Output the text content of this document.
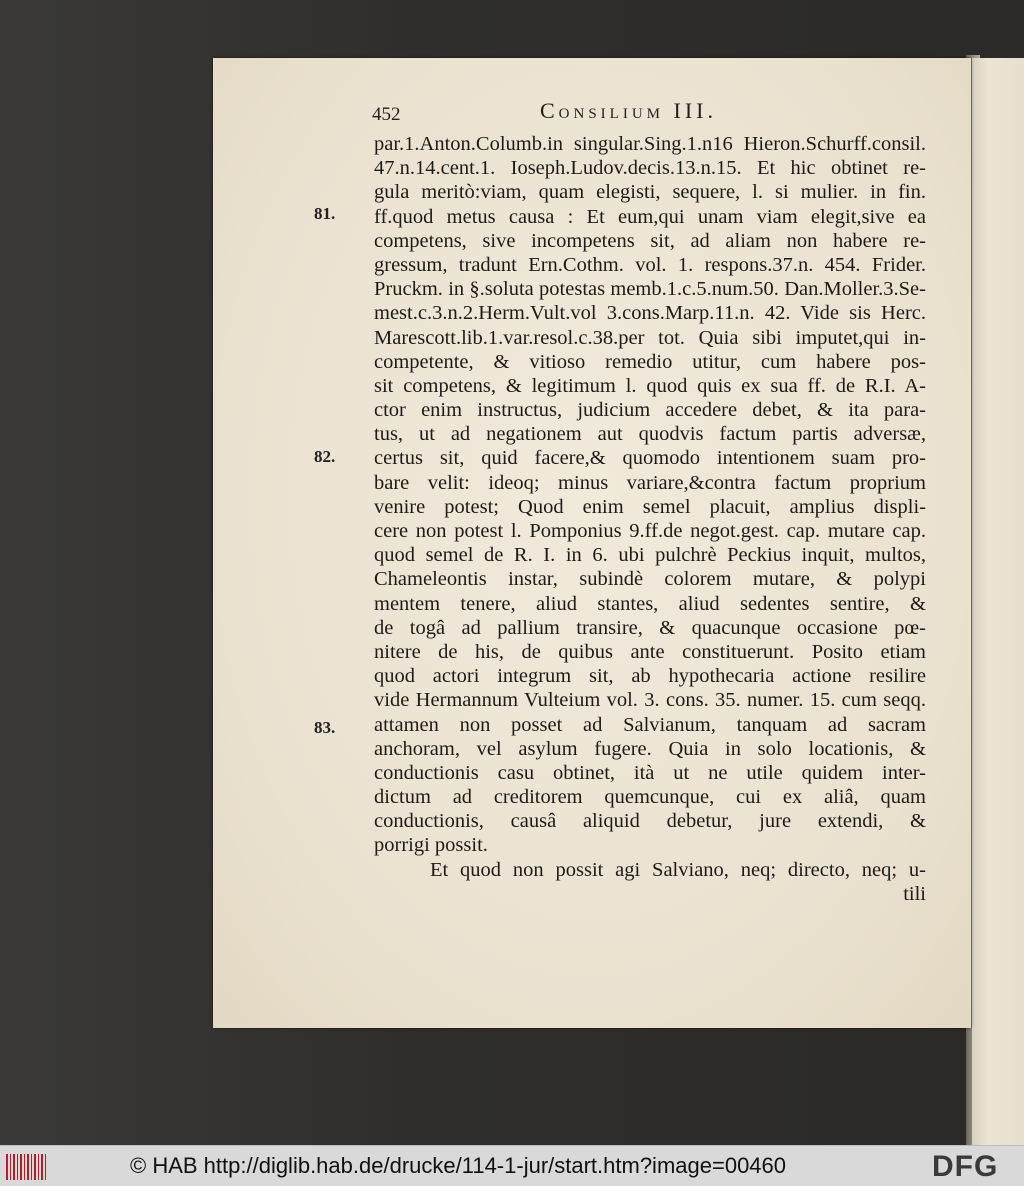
452	Consilium III.
81.
82.
83.
par.1.Anton.Columb.in singular.Sing.1.n16 Hieron.Schurff.consil.
47.n.14.cent.1. Ioseph.Ludov.decis.13.n.15. Et hic obtinet re-
gula meritò:viam, quam elegisti, sequere, l. si mulier. in fin.
ff.quod metus causa : Et eum,qui unam viam elegit,sive ea
competens, sive incompetens sit, ad aliam non habere re-
gressum, tradunt Ern.Cothm. vol. 1. respons.37.n. 454. Frider.
Pruckm. in §.soluta potestas memb.1.c.5.num.50. Dan.Moller.3.Se-
mest.c.3.n.2.Herm.Vult.vol 3.cons.Marp.11.n. 42. Vide sis Herc.
Marescott.lib.1.var.resol.c.38.per tot. Quia sibi imputet,qui in-
competente, & vitioso remedio utitur, cum habere pos-
sit competens, & legitimum l. quod quis ex sua ff. de R.I. A-
ctor enim instructus, judicium accedere debet, & ita para-
tus, ut ad negationem aut quodvis factum partis adversæ,
certus sit, quid facere,& quomodo intentionem suam pro-
bare velit: ideoq; minus variare,&contra factum proprium
venire potest; Quod enim semel placuit, amplius displi-
cere non potest l. Pomponius 9.ff.de negot.gest. cap. mutare cap.
quod semel de R. I. in 6. ubi pulchrè Peckius inquit, multos,
Chameleontis instar, subindè colorem mutare, & polypi
mentem tenere, aliud stantes, aliud sedentes sentire, &
de togâ ad pallium transire, & quacunque occasione pœ-
nitere de his, de quibus ante constituerunt. Posito etiam
quod actori integrum sit, ab hypothecaria actione resilire
vide Hermannum Vulteium vol. 3. cons. 35. numer. 15. cum seqq.
attamen non posset ad Salvianum, tanquam ad sacram
anchoram, vel asylum fugere. Quia in solo locationis, &
conductionis casu obtinet, ità ut ne utile quidem inter-
dictum ad creditorem quemcunque, cui ex aliâ, quam
conductionis, causâ aliquid debetur, jure extendi, &
porrigi possit.
Et quod non possit agi Salviano, neq; directo, neq; u-
tili
© HAB http://diglib.hab.de/drucke/114-1-jur/start.htm?image=00460	DFG
